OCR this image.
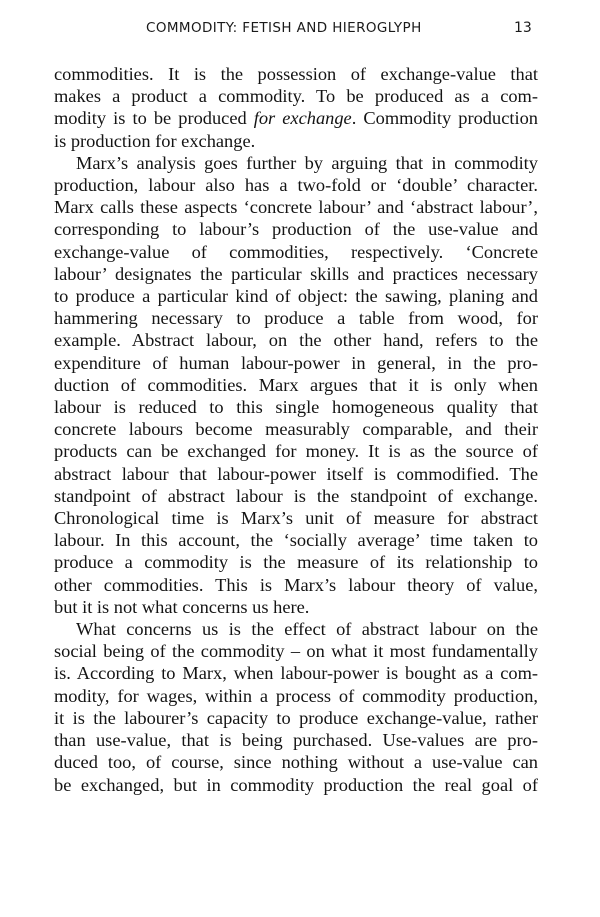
COMMODITY: FETISH AND HIEROGLYPH	13
commodities. It is the possession of exchange-value that
makes a product a commodity. To be produced as a com-
modity is to be produced for exchange. Commodity production
is production for exchange.
Marx’s analysis goes further by arguing that in commodity
production, labour also has a two-fold or ‘double’ character.
Marx calls these aspects ‘concrete labour’ and ‘abstract labour’,
corresponding to labour’s production of the use-value and
exchange-value of commodities, respectively. ‘Concrete
labour’ designates the particular skills and practices necessary
to produce a particular kind of object: the sawing, planing and
hammering necessary to produce a table from wood, for
example. Abstract labour, on the other hand, refers to the
expenditure of human labour-power in general, in the pro-
duction of commodities. Marx argues that it is only when
labour is reduced to this single homogeneous quality that
concrete labours become measurably comparable, and their
products can be exchanged for money. It is as the source of
abstract labour that labour-power itself is commodified. The
standpoint of abstract labour is the standpoint of exchange.
Chronological time is Marx’s unit of measure for abstract
labour. In this account, the ‘socially average’ time taken to
produce a commodity is the measure of its relationship to
other commodities. This is Marx’s labour theory of value,
but it is not what concerns us here.
What concerns us is the effect of abstract labour on the
social being of the commodity – on what it most fundamentally
is. According to Marx, when labour-power is bought as a com-
modity, for wages, within a process of commodity production,
it is the labourer’s capacity to produce exchange-value, rather
than use-value, that is being purchased. Use-values are pro-
duced too, of course, since nothing without a use-value can
be exchanged, but in commodity production the real goal of
